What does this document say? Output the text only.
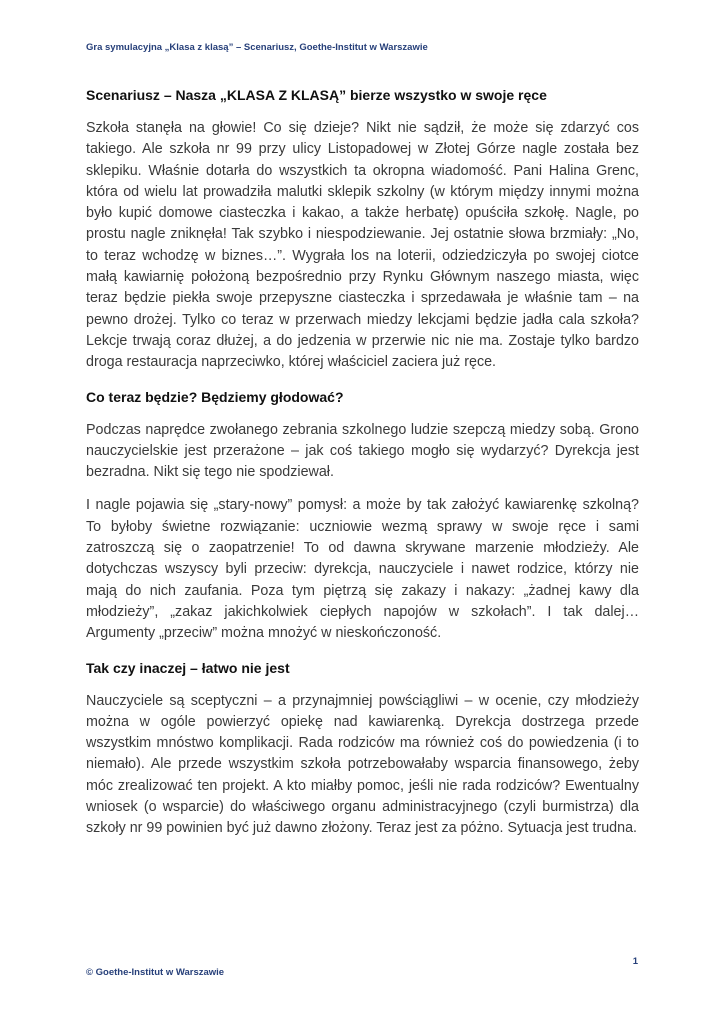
Gra symulacyjna „Klasa z klasą” – Scenariusz, Goethe-Institut w Warszawie
Scenariusz – Nasza „KLASA Z KLASĄ” bierze wszystko w swoje ręce

Szkoła stanęła na głowie! Co się dzieje? Nikt nie sądził, że może się zdarzyć cos takiego. Ale szkoła nr 99 przy ulicy Listopadowej w Złotej Górze nagle została bez sklepiku. Właśnie dotarła do wszystkich ta okropna wiadomość. Pani Halina Grenc, która od wielu lat prowadziła malutki sklepik szkolny (w którym między innymi można było kupić domowe ciasteczka i kakao, a także herbatę) opuściła szkołę. Nagle, po prostu nagle zniknęła! Tak szybko i niespodziewanie. Jej ostatnie słowa brzmiały: „No, to teraz wchodzę w biznes…”. Wygrała los na loterii, odziedziczyła po swojej ciotce małą kawiarnię położoną bezpośrednio przy Rynku Głównym naszego miasta, więc teraz będzie piekła swoje przepyszne ciasteczka i sprzedawała je właśnie tam – na pewno drożej. Tylko co teraz w przerwach miedzy lekcjami będzie jadła cala szkoła? Lekcje trwają coraz dłużej, a do jedzenia w przerwie nic nie ma. Zostaje tylko bardzo droga restauracja naprzeciwko, której właściciel zaciera już ręce.

Co teraz będzie? Będziemy głodować?

Podczas naprędce zwołanego zebrania szkolnego ludzie szepczą miedzy sobą. Grono nauczycielskie jest przerażone – jak coś takiego mogło się wydarzyć? Dyrekcja jest bezradna. Nikt się tego nie spodziewał.

I nagle pojawia się „stary-nowy” pomysł: a może by tak założyć kawiarenkę szkolną? To byłoby świetne rozwiązanie: uczniowie wezmą sprawy w swoje ręce i sami zatroszczą się o zaopatrzenie! To od dawna skrywane marzenie młodzieży. Ale dotychczas wszyscy byli przeciw: dyrekcja, nauczyciele i nawet rodzice, którzy nie mają do nich zaufania. Poza tym piętrzą się zakazy i nakazy: „żadnej kawy dla młodzieży”, „zakaz jakichkolwiek ciepłych napojów w szkołach”. I tak dalej… Argumenty „przeciw” można mnożyć w nieskończoność.

Tak czy inaczej – łatwo nie jest

Nauczyciele są sceptyczni – a przynajmniej powściągliwi – w ocenie, czy młodzieży można w ogóle powierzyć opiekę nad kawiarenką. Dyrekcja dostrzega przede wszystkim mnóstwo komplikacji. Rada rodziców ma również coś do powiedzenia (i to niemało). Ale przede wszystkim szkoła potrzebowałaby wsparcia finansowego, żeby móc zrealizować ten projekt. A kto miałby pomoc, jeśli nie rada rodziców? Ewentualny wniosek (o wsparcie) do właściwego organu administracyjnego (czyli burmistrza) dla szkoły nr 99 powinien być już dawno złożony. Teraz jest za póżno. Sytuacja jest trudna.

1
© Goethe-Institut w Warszawie
